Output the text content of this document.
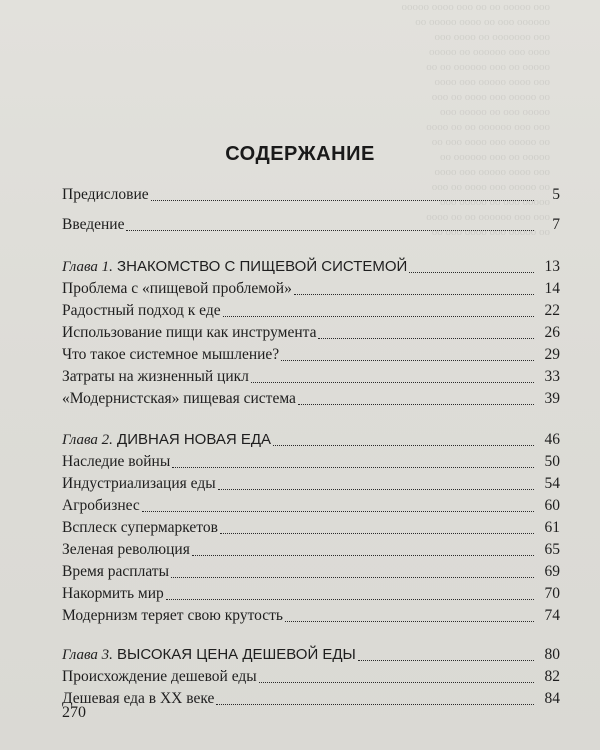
ооо ооооо оо оо ооо оооо ооооо
оооооо ооо оо оооо ооооо оо
ооо ооооооо оо оооо ооо
оооо ооо оооооо оо ооооо
ооооо оо ооо оооооо оо оо
ооо оооо ооооо ооо оооо
оо ооооо ооо оооо оо ооо
ооооо ооо оо ооооо ооо
ооо ооо оооооо оо оо оооо
оо ооооо ооо оооо ооо оо
ооооо оо ооо оооооо оо
ооо оооо ооооо ооо оооо
оо ооооо ооо оооо оо ооо
ооооо ооо оо ооооо ооо
ооо ооо оооооо оо оо оооо
оо ооооо ооо оооо ооо оо
СОДЕРЖАНИЕ
Предисловие	5
Введение	7
Глава 1. ЗНАКОМСТВО С ПИЩЕВОЙ СИСТЕМОЙ	13
Проблема с «пищевой проблемой»	14
Радостный подход к еде	22
Использование пищи как инструмента	26
Что такое системное мышление?	29
Затраты на жизненный цикл	33
«Модернистская» пищевая система	39
Глава 2. ДИВНАЯ НОВАЯ ЕДА	46
Наследие войны	50
Индустриализация еды	54
Агробизнес	60
Всплеск супермаркетов	61
Зеленая революция	65
Время расплаты	69
Накормить мир	70
Модернизм теряет свою крутость	74
Глава 3. ВЫСОКАЯ ЦЕНА ДЕШЕВОЙ ЕДЫ	80
Происхождение дешевой еды	82
Дешевая еда в XX веке	84
270
